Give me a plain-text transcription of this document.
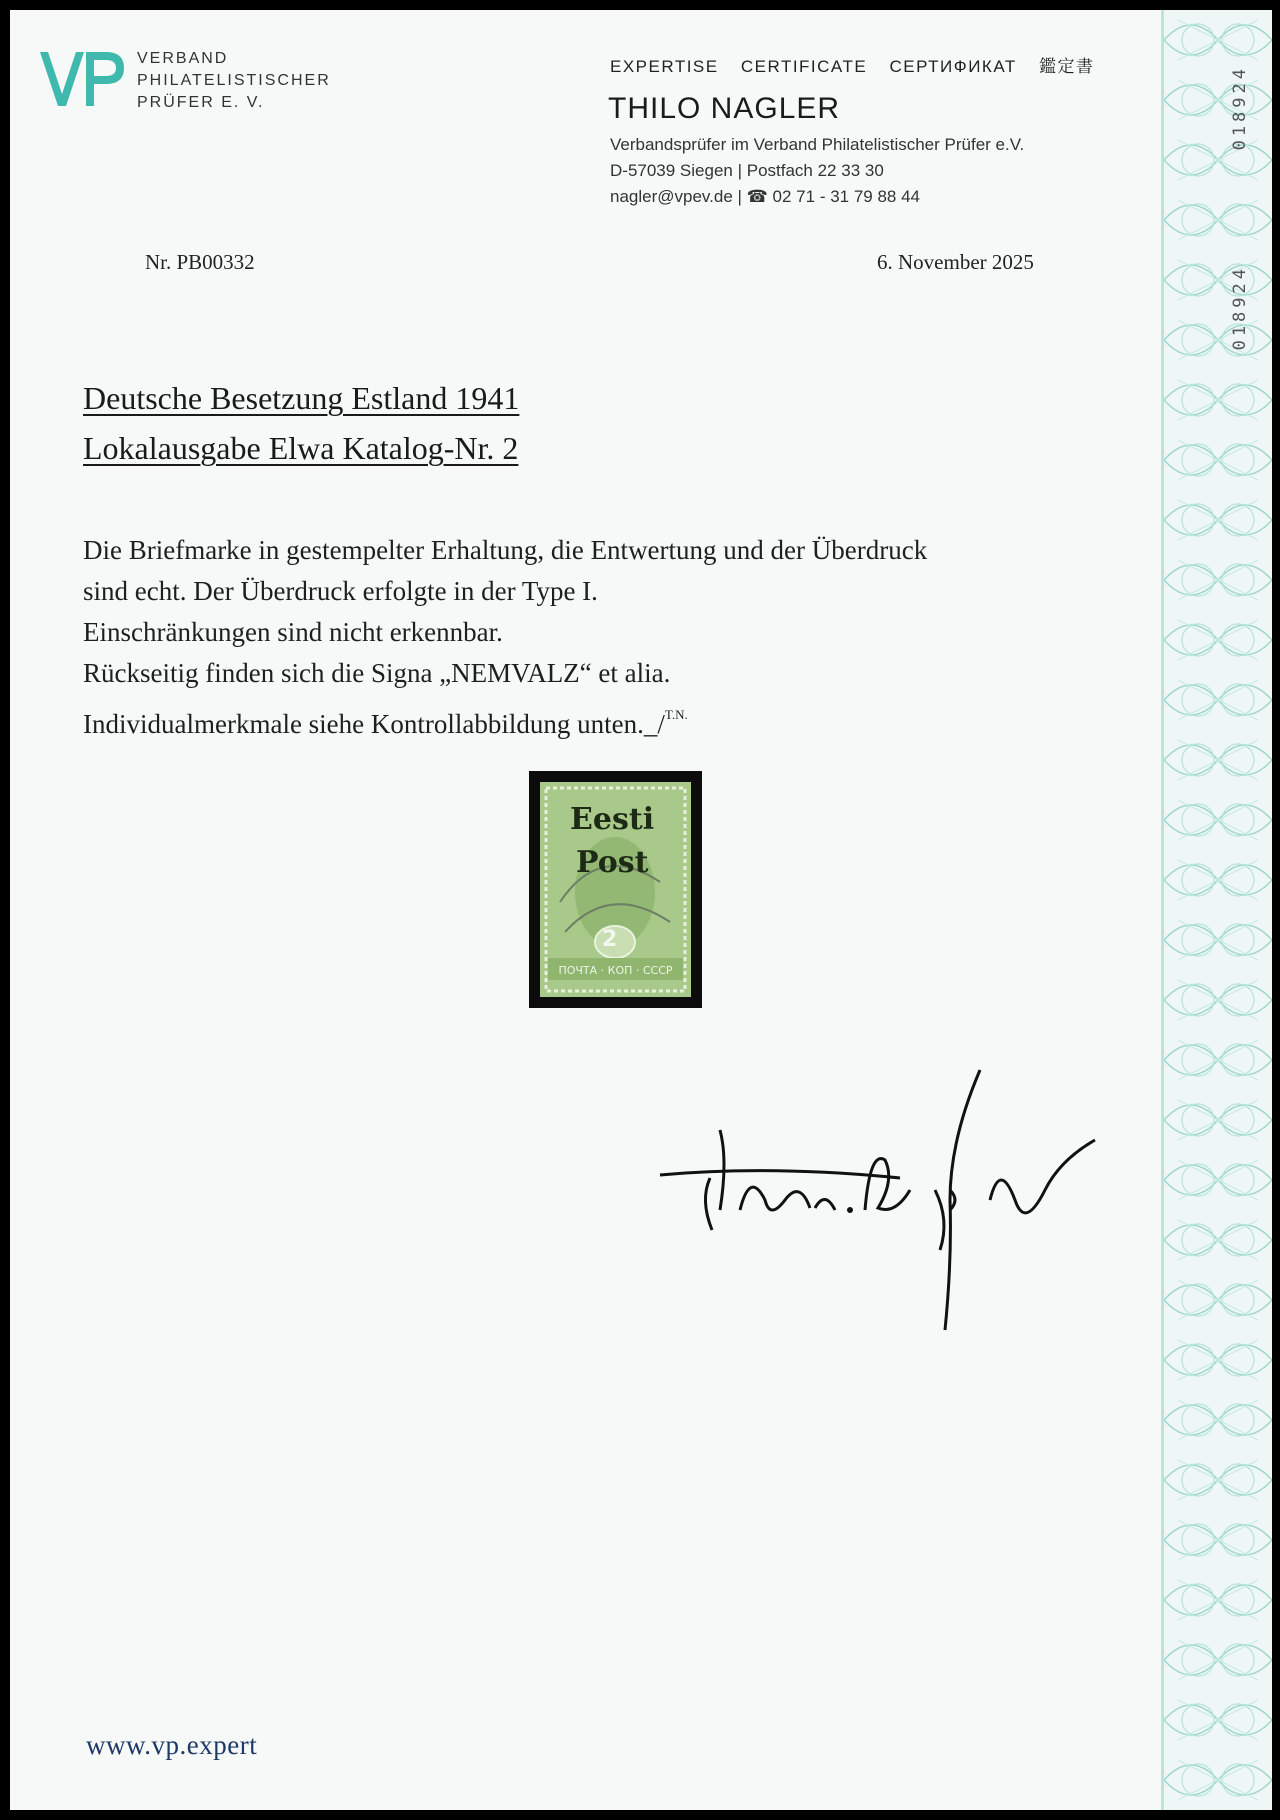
018924
018924
VERBAND
PHILATELISTISCHER
PRÜFER E. V.
EXPERTISE CERTIFICATE СЕРТИФИКАТ 鑑定書
THILO NAGLER
Verbandsprüfer im Verband Philatelistischer Prüfer e.V.
D-57039 Siegen | Postfach 22 33 30
nagler@vpev.de | ☎ 02 71 - 31 79 88 44
Nr. PB00332	6. November 2025
Deutsche Besetzung Estland 1941
Lokalausgabe Elwa Katalog-Nr. 2
Die Briefmarke in gestempelter Erhaltung, die Entwertung und der Überdruck
sind echt. Der Überdruck erfolgte in der Type I.
Einschränkungen sind nicht erkennbar.
Rückseitig finden sich die Signa „NEMVALZ“ et alia.
Individualmerkmale siehe Kontrollabbildung unten._/$^{T.N.}$
Eesti
Post
2
ПОЧТА · КОП · СССР
www.vp.expert
